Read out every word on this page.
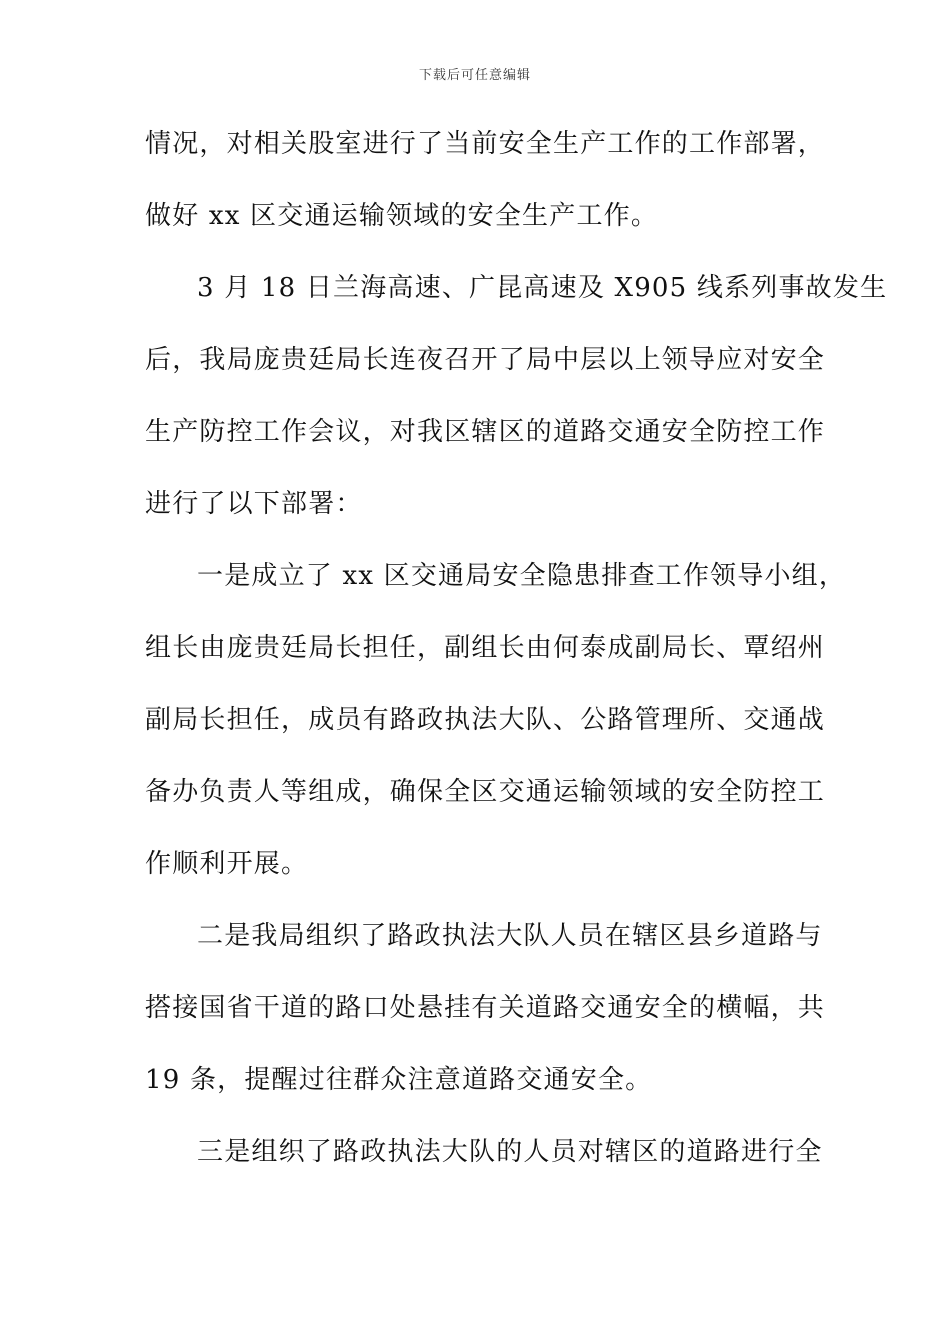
下载后可任意编辑
情况，对相关股室进行了当前安全生产工作的工作部署，
做好 xx 区交通运输领域的安全生产工作。
3 月 18 日兰海高速、广昆高速及 X905 线系列事故发生
后，我局庞贵廷局长连夜召开了局中层以上领导应对安全
生产防控工作会议，对我区辖区的道路交通安全防控工作
进行了以下部署：
一是成立了 xx 区交通局安全隐患排查工作领导小组，
组长由庞贵廷局长担任，副组长由何泰成副局长、覃绍州
副局长担任，成员有路政执法大队、公路管理所、交通战
备办负责人等组成，确保全区交通运输领域的安全防控工
作顺利开展。
二是我局组织了路政执法大队人员在辖区县乡道路与
搭接国省干道的路口处悬挂有关道路交通安全的横幅，共
19 条，提醒过往群众注意道路交通安全。
三是组织了路政执法大队的人员对辖区的道路进行全
